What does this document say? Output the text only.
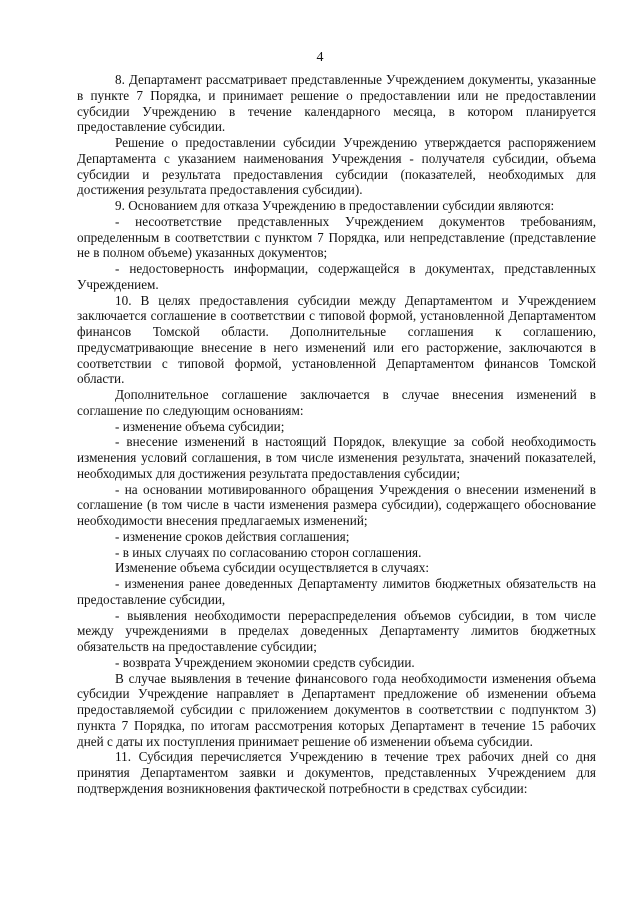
4

8. Департамент рассматривает представленные Учреждением документы, указанные в пункте 7 Порядка, и принимает решение о предоставлении или не предоставлении субсидии Учреждению в течение календарного месяца, в котором планируется предоставление субсидии.

Решение о предоставлении субсидии Учреждению утверждается распоряжением Департамента с указанием наименования Учреждения - получателя субсидии, объема субсидии и результата предоставления субсидии (показателей, необходимых для достижения результата предоставления субсидии).

9. Основанием для отказа Учреждению в предоставлении субсидии являются:

- несоответствие представленных Учреждением документов требованиям, определенным в соответствии с пунктом 7 Порядка, или непредставление (представление не в полном объеме) указанных документов;

- недостоверность информации, содержащейся в документах, представленных Учреждением.

10. В целях предоставления субсидии между Департаментом и Учреждением заключается соглашение в соответствии с типовой формой, установленной Департаментом финансов Томской области. Дополнительные соглашения к соглашению, предусматривающие внесение в него изменений или его расторжение, заключаются в соответствии с типовой формой, установленной Департаментом финансов Томской области.

Дополнительное соглашение заключается в случае внесения изменений в соглашение по следующим основаниям:

- изменение объема субсидии;

- внесение изменений в настоящий Порядок, влекущие за собой необходимость изменения условий соглашения, в том числе изменения результата, значений показателей, необходимых для достижения результата предоставления субсидии;

- на основании мотивированного обращения Учреждения о внесении изменений в соглашение (в том числе в части изменения размера субсидии), содержащего обоснование необходимости внесения предлагаемых изменений;

- изменение сроков действия соглашения;

- в иных случаях по согласованию сторон соглашения.

Изменение объема субсидии осуществляется в случаях:

- изменения ранее доведенных Департаменту лимитов бюджетных обязательств на предоставление субсидии,

- выявления необходимости перераспределения объемов субсидии, в том числе между учреждениями в пределах доведенных Департаменту лимитов бюджетных обязательств на предоставление субсидии;

- возврата Учреждением экономии средств субсидии.

В случае выявления в течение финансового года необходимости изменения объема субсидии Учреждение направляет в Департамент предложение об изменении объема предоставляемой субсидии с приложением документов в соответствии с подпунктом 3) пункта 7 Порядка, по итогам рассмотрения которых Департамент в течение 15 рабочих дней с даты их поступления принимает решение об изменении объема субсидии.

11. Субсидия перечисляется Учреждению в течение трех рабочих дней со дня принятия Департаментом заявки и документов, представленных Учреждением для подтверждения возникновения фактической потребности в средствах субсидии:
